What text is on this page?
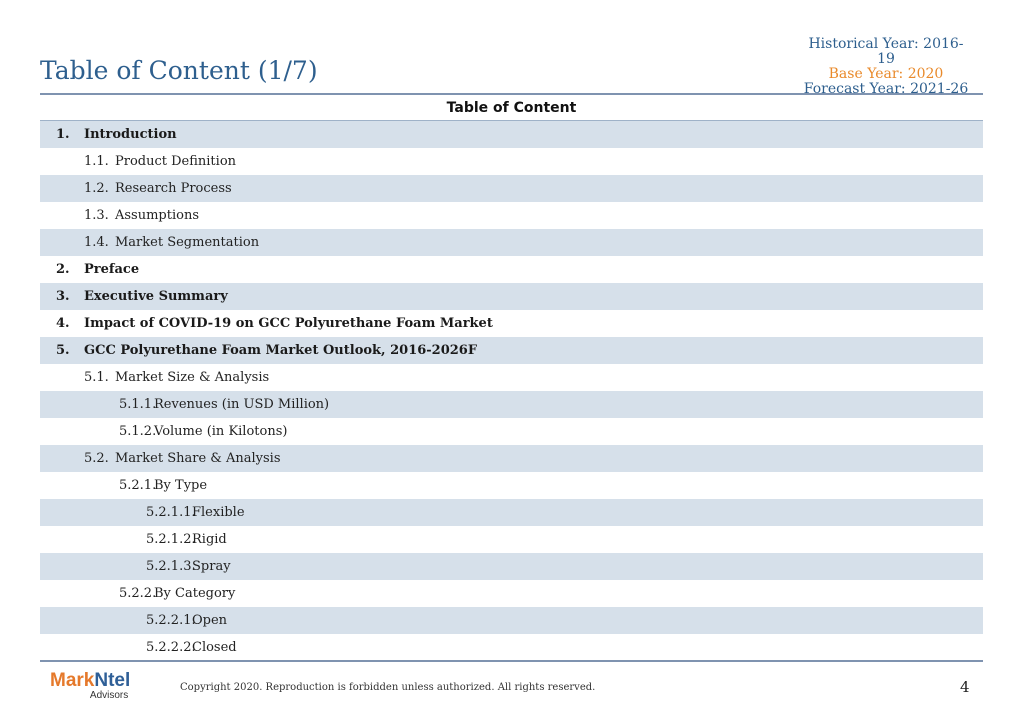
Table of Content (1/7)
Historical Year: 2016-19
Base Year: 2020
Forecast Year: 2021-26
Table of Content
1. Introduction
1.1. Product Definition
1.2. Research Process
1.3. Assumptions
1.4. Market Segmentation
2. Preface
3. Executive Summary
4. Impact of COVID-19 on GCC Polyurethane Foam Market
5. GCC Polyurethane Foam Market Outlook, 2016-2026F
5.1. Market Size & Analysis
5.1.1.
Revenues (in USD Million)
5.1.2.
Volume (in Kilotons)
5.2. Market Share & Analysis
5.2.1.
By Type
5.2.1.1.
Flexible
5.2.1.2.
Rigid
5.2.1.3.
Spray
5.2.2.
By Category
5.2.2.1.
Open
5.2.2.2.
Closed
MarkNtel
Advisors
Copyright 2020. Reproduction is forbidden unless authorized. All rights reserved.	4
